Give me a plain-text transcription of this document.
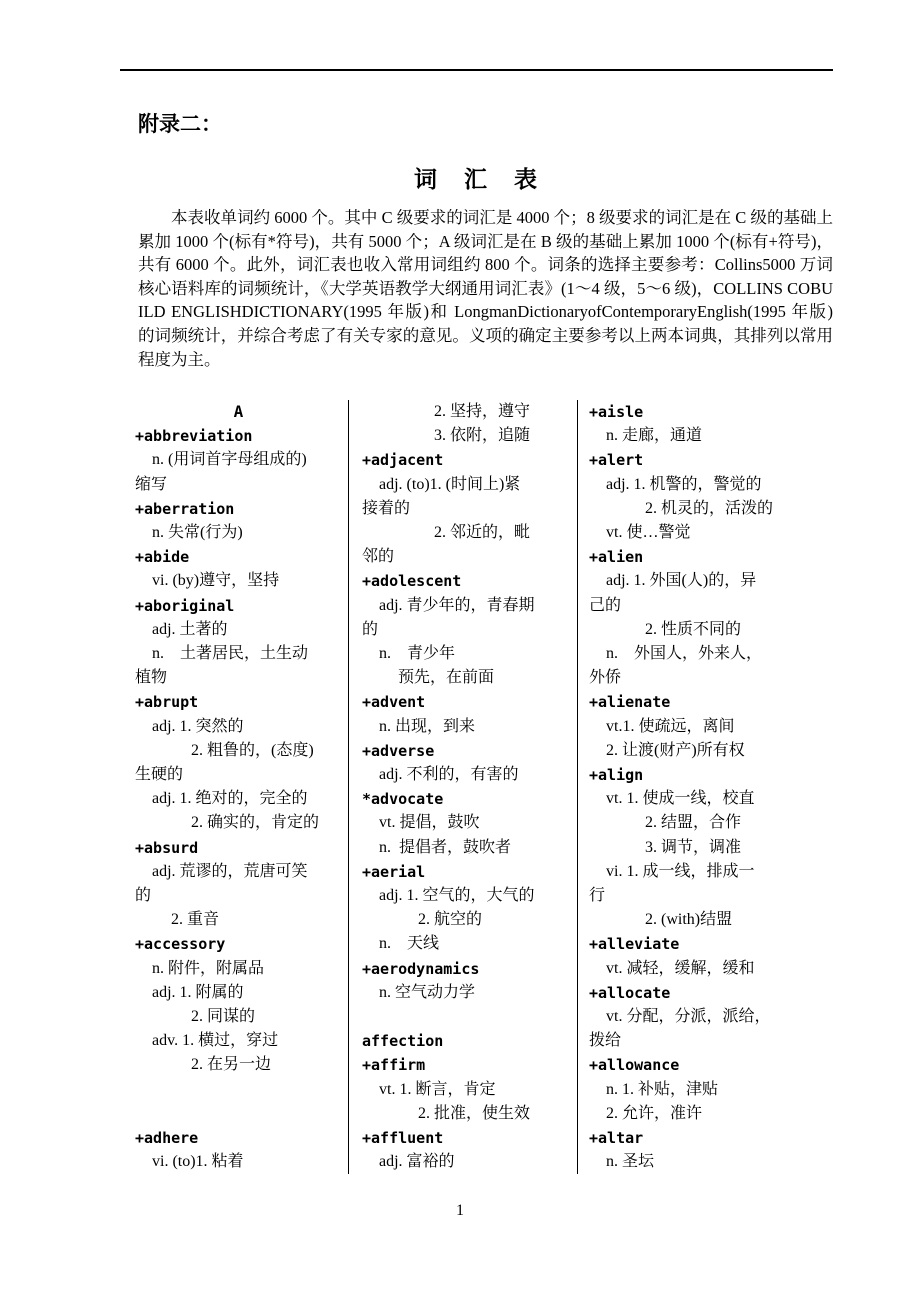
附录二：
词　汇　表
本表收单词约 6000 个。其中 C 级要求的词汇是 4000 个；8 级要求的词汇是在 C 级的基础上累加 1000 个(标有*符号)，共有 5000 个；A 级词汇是在 B 级的基础上累加 1000 个(标有+符号)，共有 6000 个。此外，词汇表也收入常用词组约 800 个。词条的选择主要参考：Collins5000 万词核心语料库的词频统计，《大学英语教学大纲通用词汇表》(1～4 级，5～6 级)，COLLINS COBUILD ENGLISHDICTIONARY(1995 年版)和 LongmanDictionaryofContemporaryEnglish(1995 年版)的词频统计，并综合考虑了有关专家的意见。义项的确定主要参考以上两本词典，其排列以常用程度为主。
A
+abbreviation
n. (用词首字母组成的)
缩写
+aberration
n. 失常(行为)
+abide
vi. (by)遵守，坚持
+aboriginal
adj. 土著的
n.    土著居民，土生动
植物
+abrupt
adj. 1. 突然的
2. 粗鲁的，(态度)
生硬的
adj. 1. 绝对的，完全的
2. 确实的，肯定的
+absurd
adj. 荒谬的，荒唐可笑
的
2. 重音
+accessory
n. 附件，附属品
adj. 1. 附属的
2. 同谋的
adv. 1. 横过，穿过
2. 在另一边
+adhere
vi. (to)1. 粘着
2. 坚持，遵守
3. 依附，追随
+adjacent
adj. (to)1. (时间上)紧
接着的
2. 邻近的，毗
邻的
+adolescent
adj. 青少年的，青春期
的
n.    青少年
预先，在前面
+advent
n. 出现，到来
+adverse
adj. 不利的，有害的
*advocate
vt. 提倡，鼓吹
n.  提倡者，鼓吹者
+aerial
adj. 1. 空气的，大气的
2. 航空的
n.    天线
+aerodynamics
n. 空气动力学
affection
+affirm
vt. 1. 断言，肯定
2. 批准，使生效
+affluent
adj. 富裕的
+aisle
n. 走廊，通道
+alert
adj. 1. 机警的，警觉的
2. 机灵的，活泼的
vt. 使…警觉
+alien
adj. 1. 外国(人)的，异
己的
2. 性质不同的
n.    外国人，外来人，
外侨
+alienate
vt.1. 使疏远，离间
2. 让渡(财产)所有权
+align
vt. 1. 使成一线，校直
2. 结盟，合作
3. 调节，调准
vi. 1. 成一线，排成一
行
2. (with)结盟
+alleviate
vt. 减轻，缓解，缓和
+allocate
vt. 分配，分派，派给，
拨给
+allowance
n. 1. 补贴，津贴
2. 允许，准许
+altar
n. 圣坛
1
